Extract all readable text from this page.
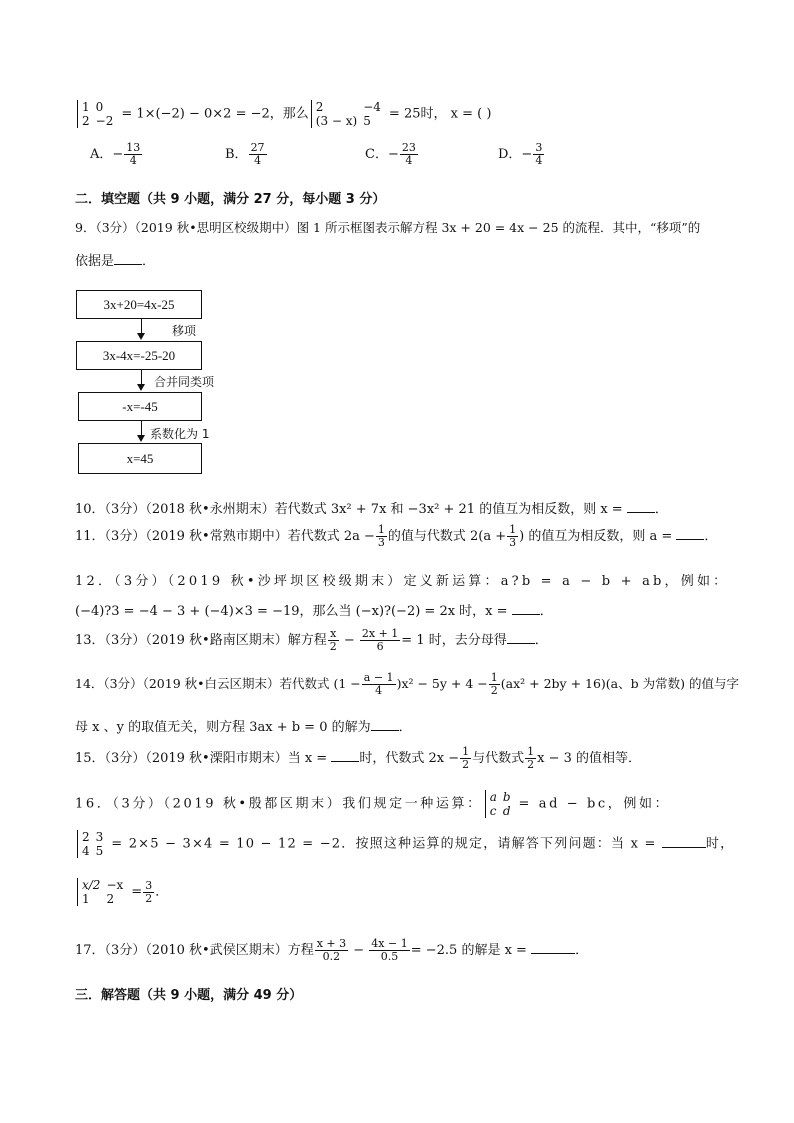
1	0
2	−2 = 1×(−2) − 0×2 = −2，那么 2	−4
(3 − x)	5 = 25时， x = ( )
A．− $\frac{13}{4}$	B． $\frac{27}{4}$	C．− $\frac{23}{4}$	D．− $\frac{3}{4}$
二．填空题（共 9 小题，满分 27 分，每小题 3 分）
9．（3分）（2019 秋•思明区校级期中）图 1 所示框图表示解方程 3x + 20 = 4x − 25 的流程．其中，“移项”的
依据是 ．
3x+20=4x-25
移项
3x-4x=-25-20
合并同类项
-x=-45
系数化为 1
x=45
10．（3分）（2018 秋•永州期末）若代数式 3x² + 7x 和 −3x² + 21 的值互为相反数，则 x = ．
11．（3分）（2019 秋•常熟市期中）若代数式 $2a - \frac{1}{3}$ 的值与代数式 $2(a + \frac{1}{3}$ ) 的值互为相反数，则 a = ．
12．（3分）（2019 秋•沙坪坝区校级期末）定义新运算：a?b = a − b + ab，例如：
(−4)?3 = −4 − 3 + (−4)×3 = −19，那么当 (−x)?(−2) = 2x 时，x = ．
13．（3分）（2019 秋•路南区期末）解方程 $\frac{x}{2} - \frac{2x + 1}{6} = 1$ 时，去分母得 ．
14．（3分）（2019 秋•白云区期末）若代数式 $(1 - \frac{a - 1}{4} )x^2 - 5y + 4 - \frac{1}{2} (ax^2 + 2by + 16)(a$、b 为常数) 的值与字
母 x 、y 的取值无关，则方程 3ax + b = 0 的解为 ．
15．（3分）（2019 秋•溧阳市期末）当 x = 时，代数式 $2x - \frac{1}{2}$ 与代数式 $\frac{1}{2}$ x − 3 的值相等．
16．（3分）（2019 秋•殷都区期末）我们规定一种运算： a	b
c	d = ad − bc，例如：
2	3
4	5 = 2×5 − 3×4 = 10 − 12 = −2．按照这种运算的规定，请解答下列问题：当 x =	时，
x/2	−x
1	$2 = \frac{3}{2}$ ．
17．（3分）（2010 秋•武侯区期末）方程 $\frac{x + 3}{0.2} - \frac{4x - 1}{0.5} = -2.5$ 的解是 x =	．
三．解答题（共 9 小题，满分 49 分）
